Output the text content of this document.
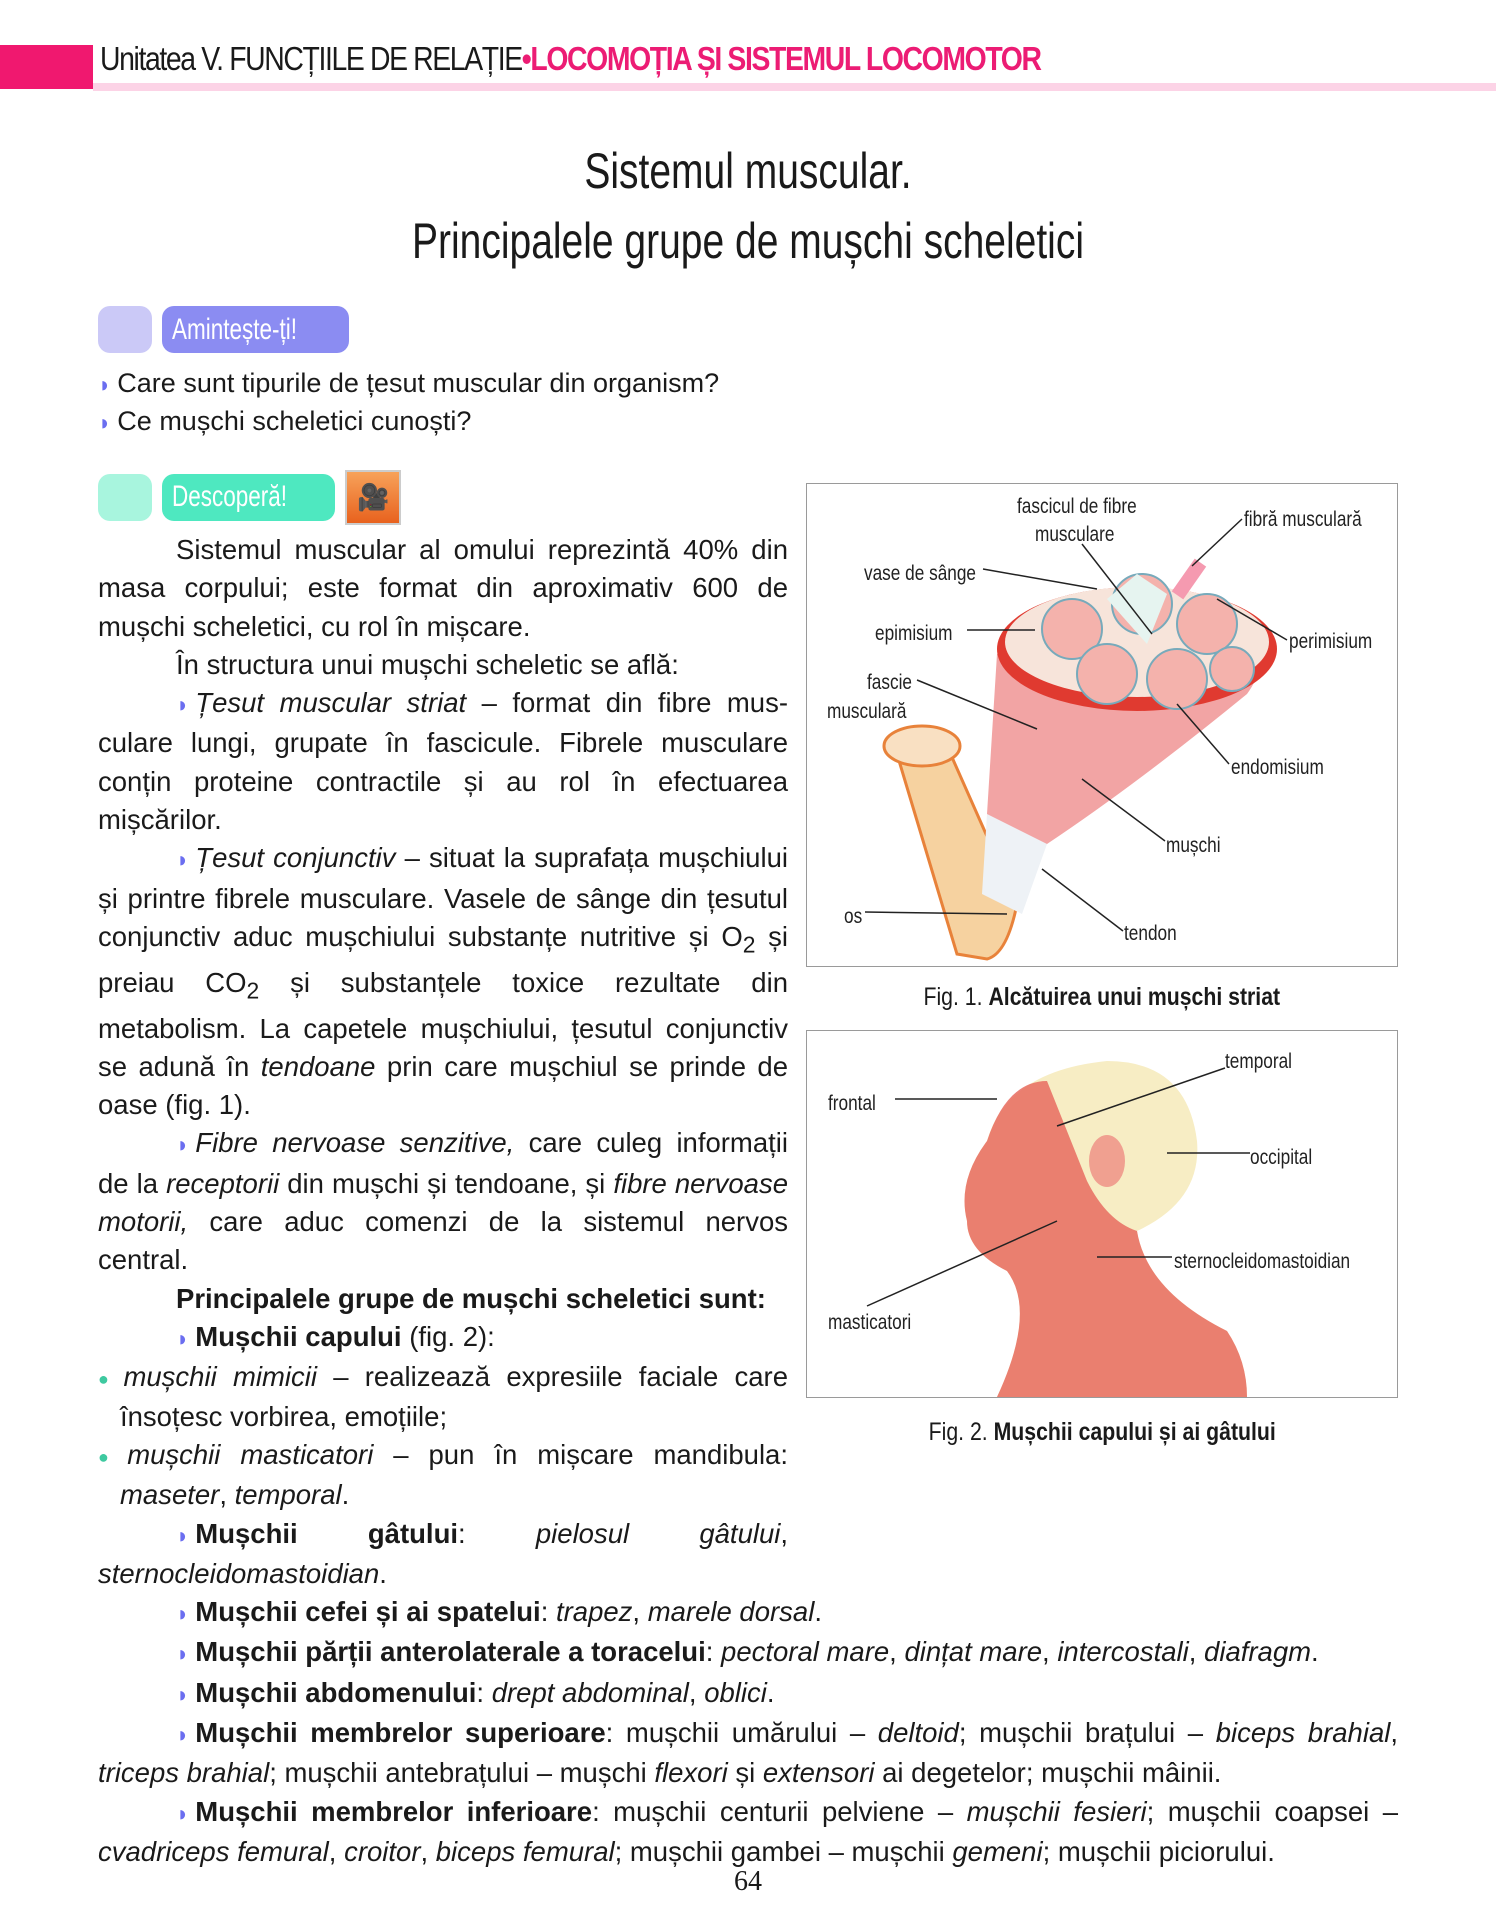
Unitatea V. FUNCȚIILE DE RELAȚIE•LOCOMOȚIA ȘI SISTEMUL LOCOMOTOR
Sistemul muscular.
Principalele grupe de mușchi scheletici
Amintește-ți!
◗ Care sunt tipurile de țesut muscular din organism?
◗ Ce mușchi scheletici cunoști?
fascicul de fibre
musculare
fibră musculară
vase de sânge
epimisium
fascie
musculară
perimisium
endomisium
mușchi
os
tendon
Fig. 1. Alcătuirea unui mușchi striat
temporal
frontal
occipital
sternocleidomastoidian
masticatori
Fig. 2. Mușchii capului și ai gâtului
Descoperă!	🎥
Sistemul muscular al omului reprezintă 40% din masa corpului; este format din aproximativ 600 de mușchi scheletici, cu rol în mișcare.
În structura unui mușchi scheletic se află:
◗ Țesut muscular striat – format din fibre musculare lungi, grupate în fascicule. Fibrele musculare conțin proteine contractile și au rol în efectuarea mișcărilor.
◗ Țesut conjunctiv – situat la suprafața mușchiului și printre fibrele musculare. Vasele de sânge din țesutul conjunctiv aduc mușchiului substanțe nutritive și $O_2$ și preiau $CO_2$ și substanțele toxice rezultate din metabolism. La capetele mușchiului, țesutul conjunctiv se adună în tendoane prin care mușchiul se prinde de oase (fig. 1).
◗ Fibre nervoase senzitive, care culeg informații de la receptorii din mușchi și tendoane, și fibre nervoase motorii, care aduc comenzi de la sistemul nervos central.
Principalele grupe de mușchi scheletici sunt:
◗ Mușchii capului (fig. 2):
● mușchii mimicii – realizează expresiile faciale care însoțesc vorbirea, emoțiile;
● mușchii masticatori – pun în mișcare mandibula: maseter, temporal.
◗ Mușchii gâtului: pielosul gâtului, sternocleidomastoidian.
◗ Mușchii cefei și ai spatelui: trapez, marele dorsal.
◗ Mușchii părții anterolaterale a toracelui: pectoral mare, dințat mare, intercostali, diafragm.
◗ Mușchii abdomenului: drept abdominal, oblici.
◗ Mușchii membrelor superioare: mușchii umărului – deltoid; mușchii brațului – biceps brahial, triceps brahial; mușchii antebrațului – mușchi flexori și extensori ai degetelor; mușchii mâinii.
◗ Mușchii membrelor inferioare: mușchii centurii pelviene – mușchii fesieri; mușchii coapsei – cvadriceps femural, croitor, biceps femural; mușchii gambei – mușchii gemeni; mușchii piciorului.
64
